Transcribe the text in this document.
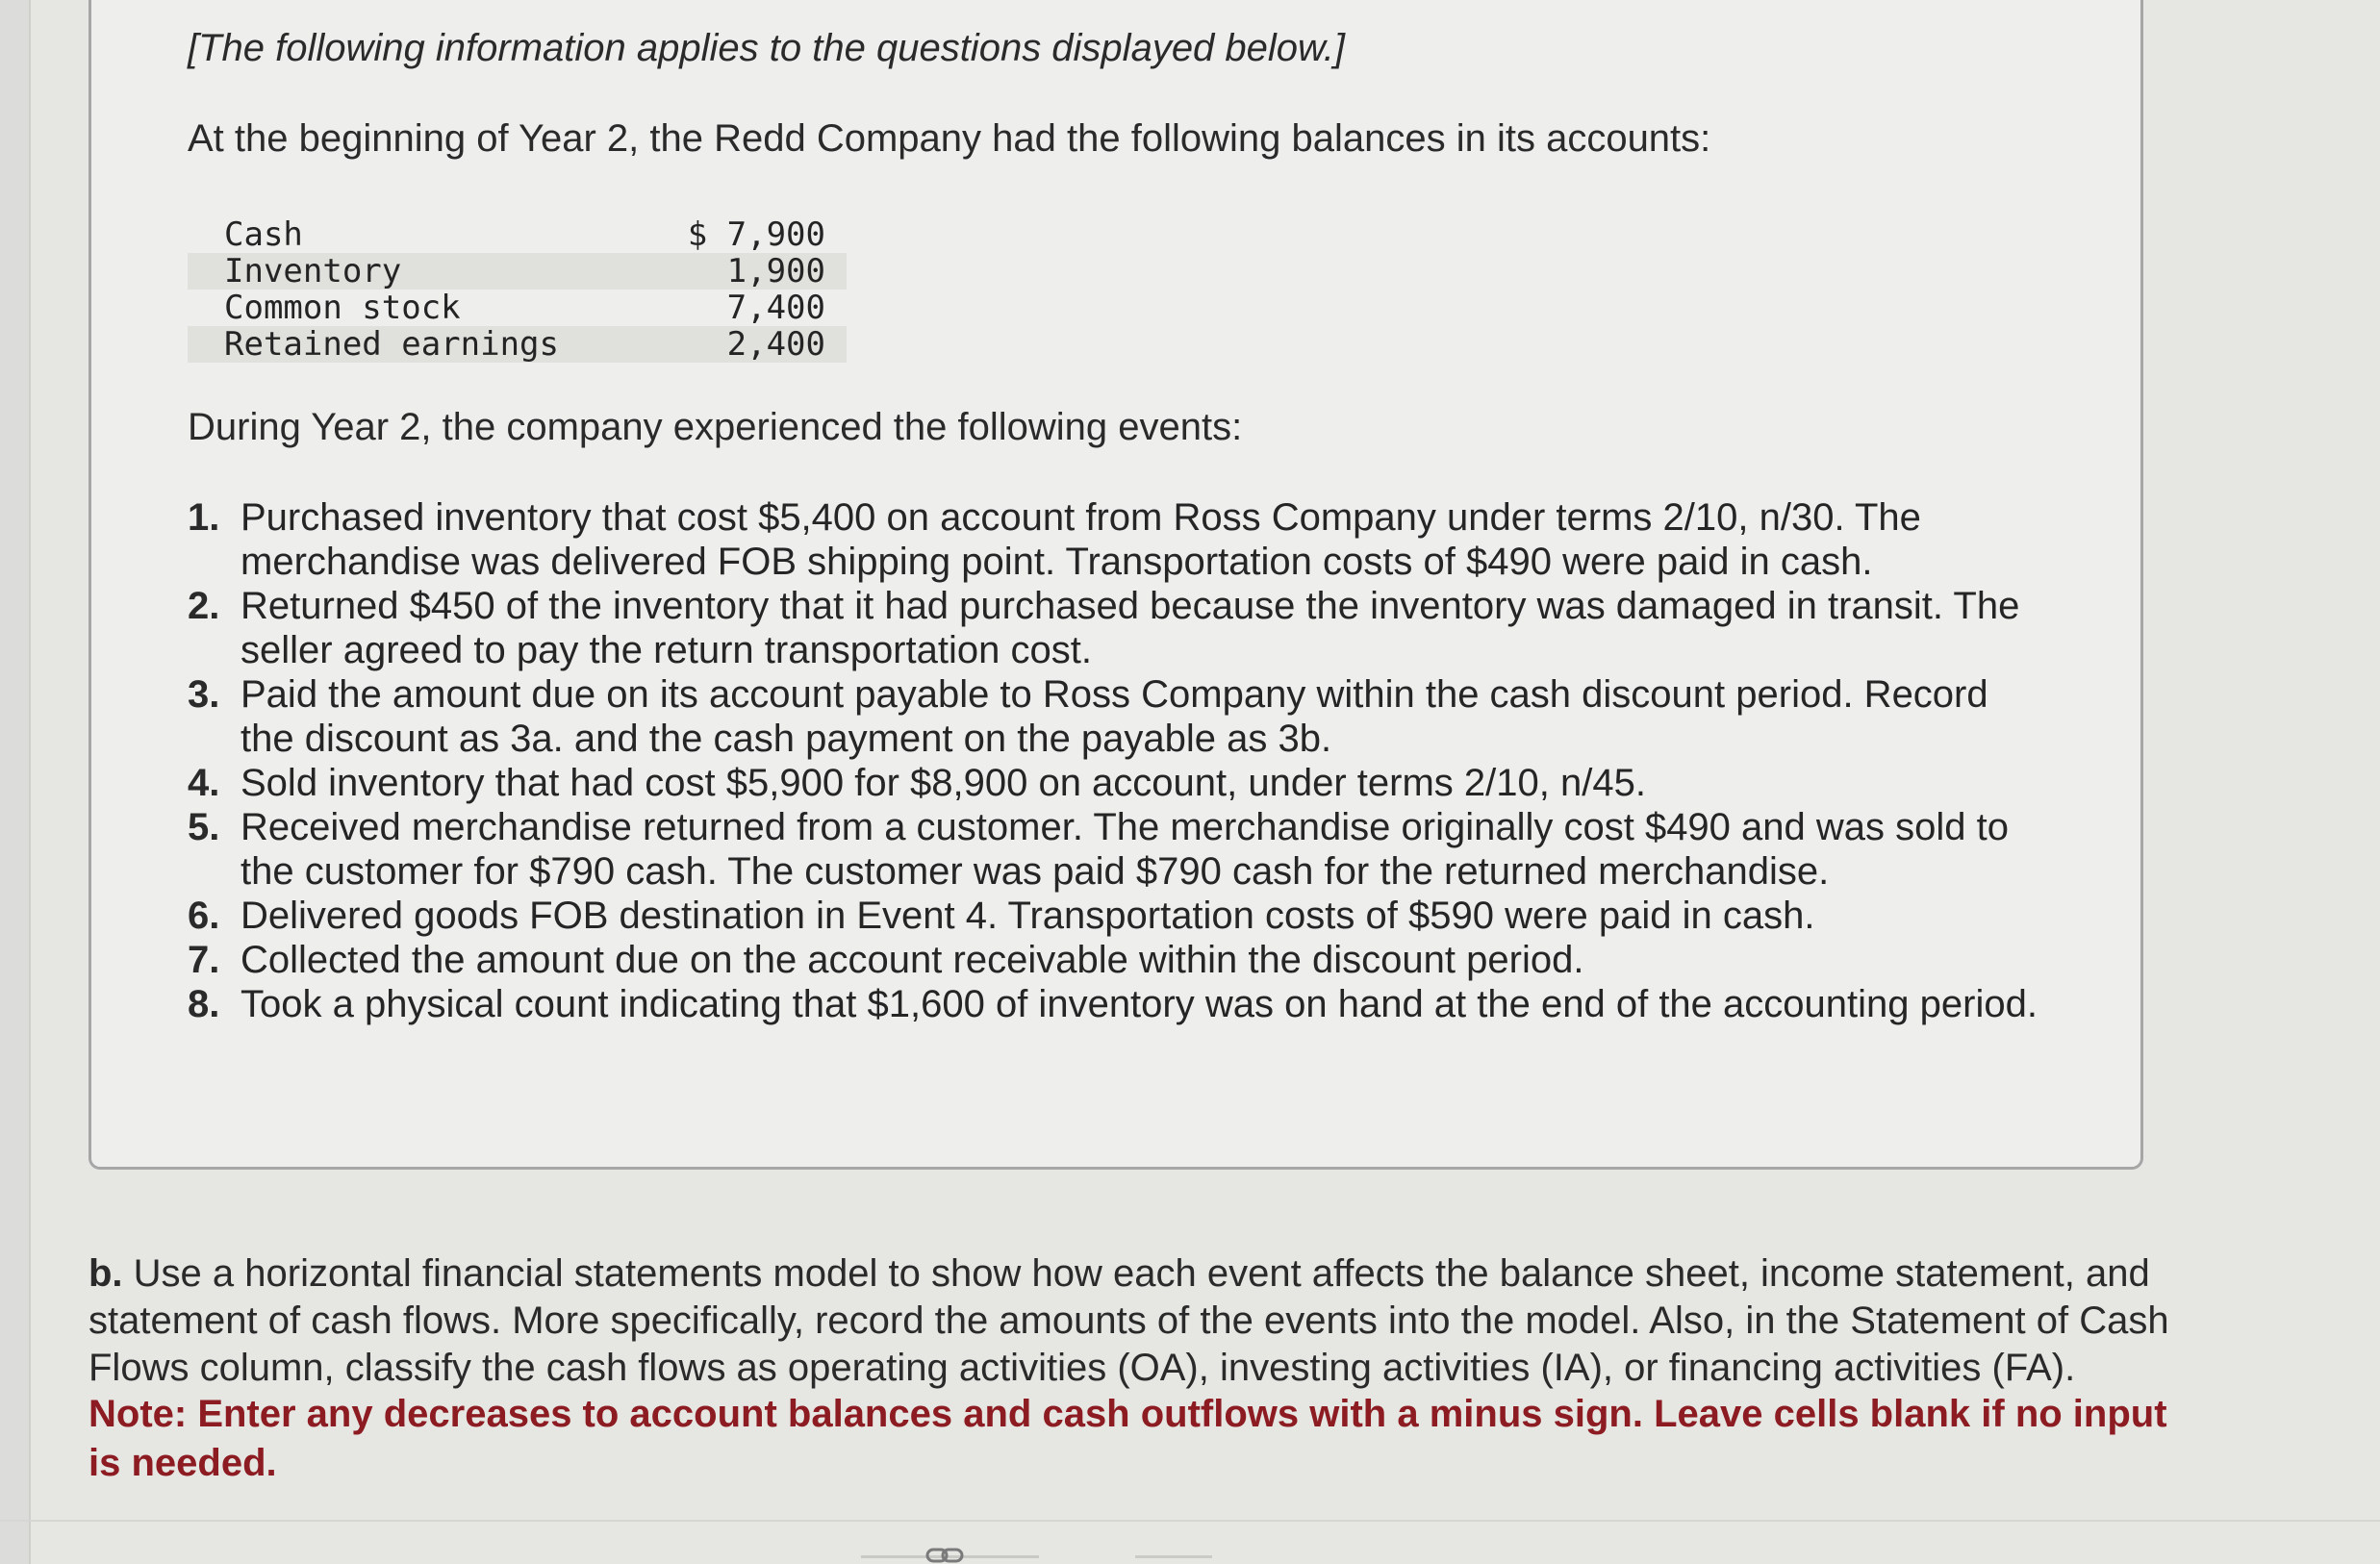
[The following information applies to the questions displayed below.]

At the beginning of Year 2, the Redd Company had the following balances in its accounts:

Cash	$ 7,900
Inventory	1,900
Common stock	7,400
Retained earnings	2,400

During Year 2, the company experienced the following events:

1. Purchased inventory that cost $5,400 on account from Ross Company under terms 2/10, n/30. The merchandise was delivered FOB shipping point. Transportation costs of $490 were paid in cash.
2. Returned $450 of the inventory that it had purchased because the inventory was damaged in transit. The seller agreed to pay the return transportation cost.
3. Paid the amount due on its account payable to Ross Company within the cash discount period. Record the discount as 3a. and the cash payment on the payable as 3b.
4. Sold inventory that had cost $5,900 for $8,900 on account, under terms 2/10, n/45.
5. Received merchandise returned from a customer. The merchandise originally cost $490 and was sold to the customer for $790 cash. The customer was paid $790 cash for the returned merchandise.
6. Delivered goods FOB destination in Event 4. Transportation costs of $590 were paid in cash.
7. Collected the amount due on the account receivable within the discount period.
8. Took a physical count indicating that $1,600 of inventory was on hand at the end of the accounting period.

b. Use a horizontal financial statements model to show how each event affects the balance sheet, income statement, and statement of cash flows. More specifically, record the amounts of the events into the model. Also, in the Statement of Cash Flows column, classify the cash flows as operating activities (OA), investing activities (IA), or financing activities (FA).

Note: Enter any decreases to account balances and cash outflows with a minus sign. Leave cells blank if no input is needed.
